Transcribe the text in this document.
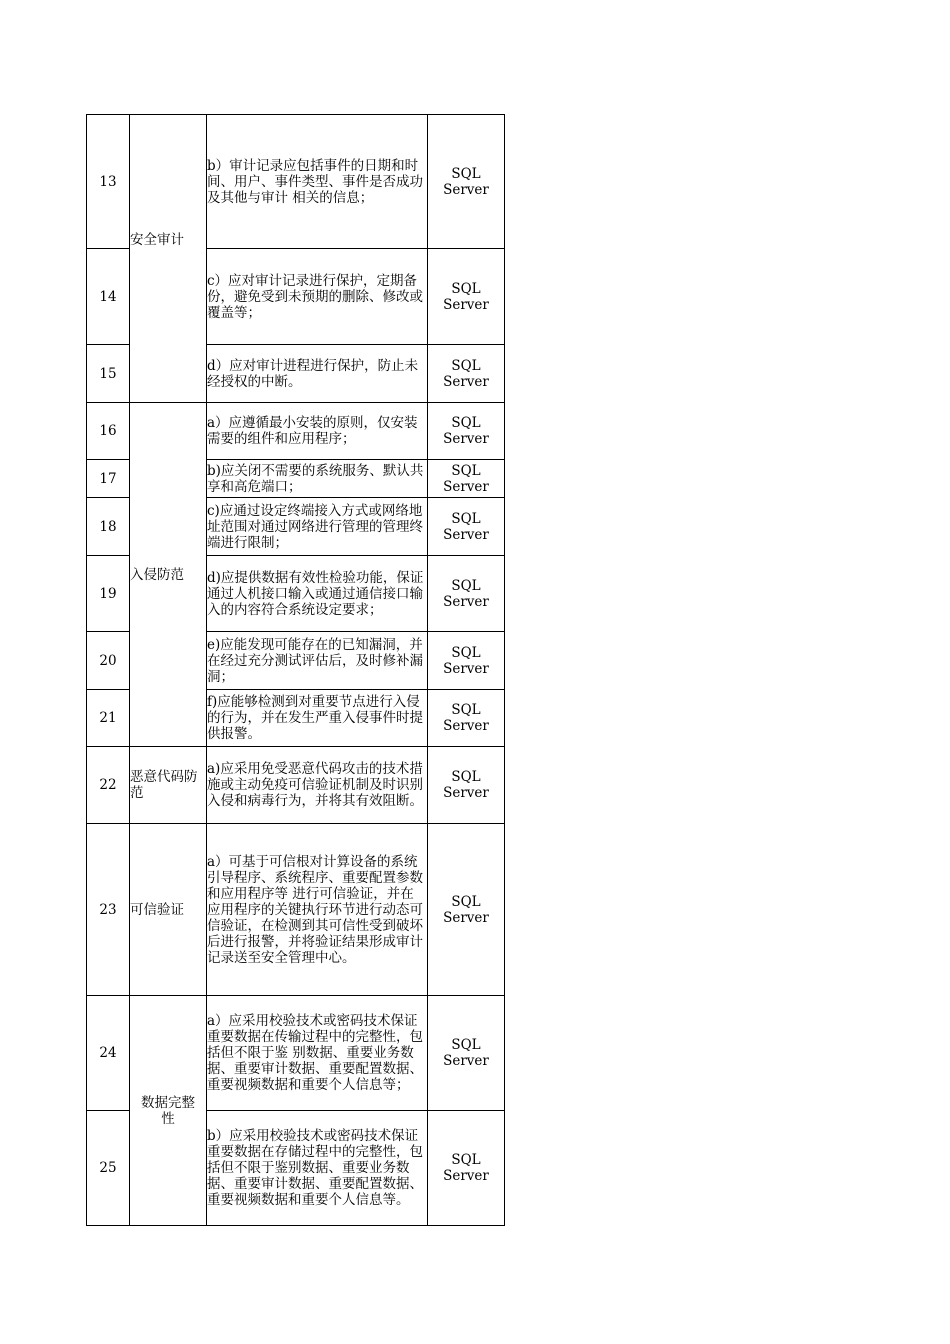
13	安全审计	b）审计记录应包括事件的日期和时间、用户、事件类型、事件是否成功及其他与审计 相关的信息；	SQL
Server

14		c）应对审计记录进行保护，定期备份，避免受到未预期的删除、修改或覆盖等；	SQL
Server

15		d）应对审计进程进行保护，防止未经授权的中断。	SQL
Server

16	入侵防范	a）应遵循最小安装的原则，仅安装需要的组件和应用程序；	SQL
Server

17		b)应关闭不需要的系统服务、默认共享和高危端口；	SQL
Server

18		c)应通过设定终端接入方式或网络地址范围对通过网络进行管理的管理终端进行限制；	SQL
Server

19		d)应提供数据有效性检验功能，保证通过人机接口输入或通过通信接口输入的内容符合系统设定要求；	SQL
Server

20		e)应能发现可能存在的已知漏洞，并在经过充分测试评估后，及时修补漏洞；	SQL
Server

21		f)应能够检测到对重要节点进行入侵的行为，并在发生严重入侵事件时提供报警。	SQL
Server

22	恶意代码防范	a)应采用免受恶意代码攻击的技术措施或主动免疫可信验证机制及时识别入侵和病毒行为，并将其有效阻断。	SQL
Server

23	可信验证	a）可基于可信根对计算设备的系统引导程序、系统程序、重要配置参数和应用程序等 进行可信验证，并在应用程序的关键执行环节进行动态可信验证，在检测到其可信性受到破坏后进行报警，并将验证结果形成审计记录送至安全管理中心。	SQL
Server

24	数据完整性	a）应采用校验技术或密码技术保证重要数据在传输过程中的完整性，包括但不限于鉴 别数据、重要业务数据、重要审计数据、重要配置数据、重要视频数据和重要个人信息等；	SQL
Server

25		b）应采用校验技术或密码技术保证重要数据在存储过程中的完整性，包括但不限于鉴别数据、重要业务数据、重要审计数据、重要配置数据、重要视频数据和重要个人信息等。	SQL
Server
